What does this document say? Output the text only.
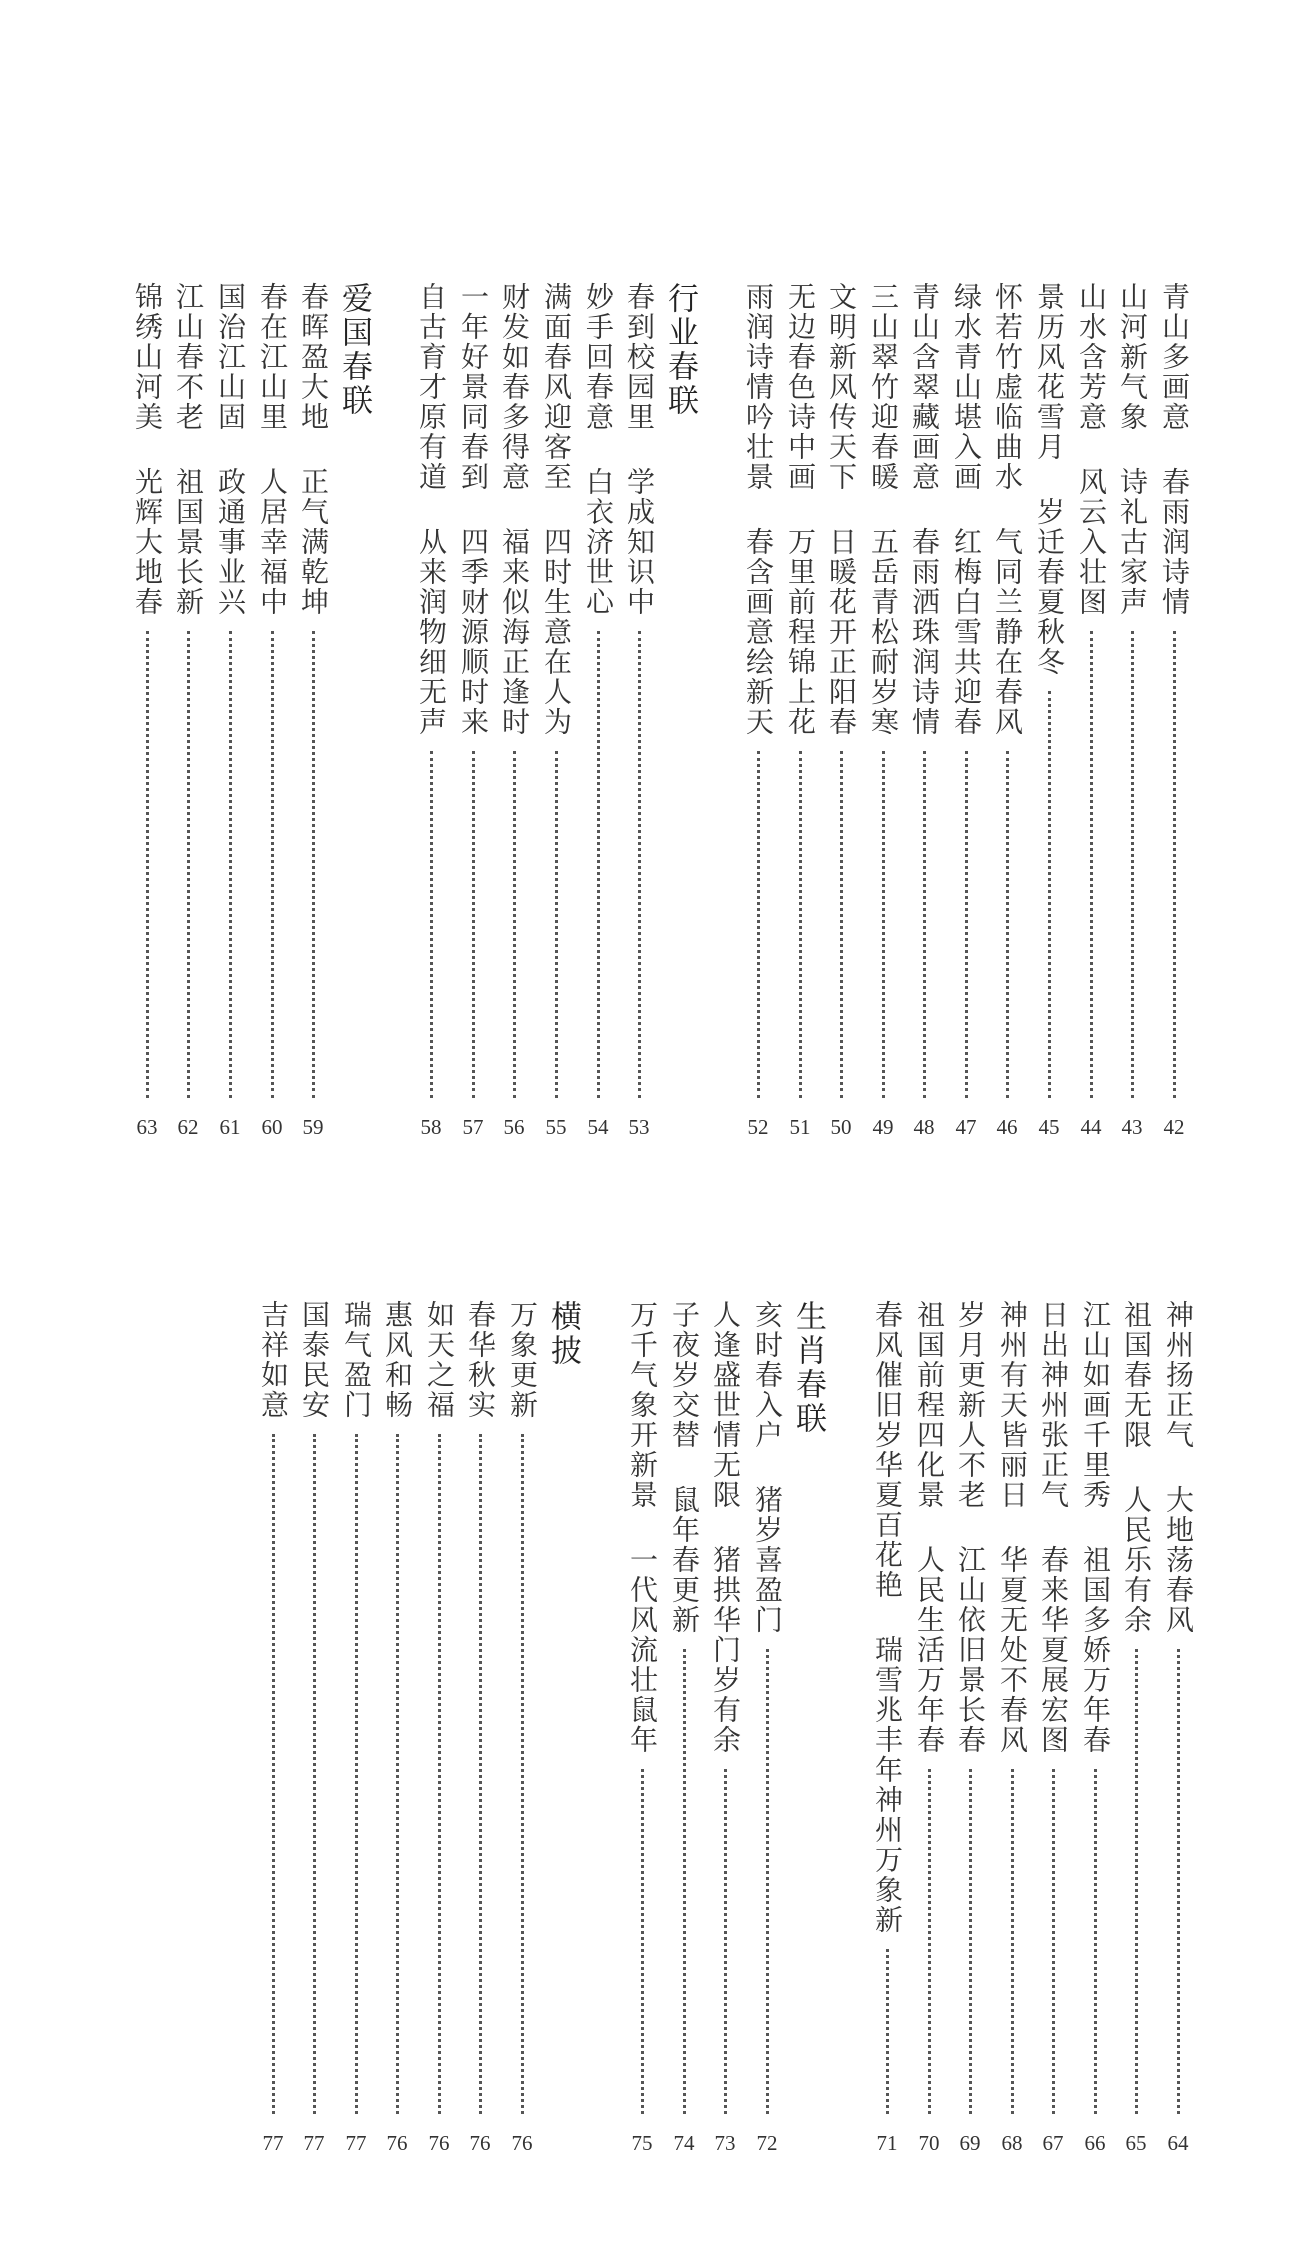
青山多画意 春雨润诗情
42
山河新气象 诗礼古家声
43
山水含芳意 风云入壮图
44
景历风花雪月 岁迁春夏秋冬
45
怀若竹虚临曲水 气同兰静在春风
46
绿水青山堪入画 红梅白雪共迎春
47
青山含翠藏画意 春雨洒珠润诗情
48
三山翠竹迎春暖 五岳青松耐岁寒
49
文明新风传天下 日暖花开正阳春
50
无边春色诗中画 万里前程锦上花
51
雨润诗情吟壮景 春含画意绘新天
52
行业春联
春到校园里 学成知识中
53
妙手回春意 白衣济世心
54
满面春风迎客至 四时生意在人为
55
财发如春多得意 福来似海正逢时
56
一年好景同春到 四季财源顺时来
57
自古育才原有道 从来润物细无声
58
爱国春联
春晖盈大地 正气满乾坤
59
春在江山里 人居幸福中
60
国治江山固 政通事业兴
61
江山春不老 祖国景长新
62
锦绣山河美 光辉大地春
63
神州扬正气 大地荡春风
64
祖国春无限 人民乐有余
65
江山如画千里秀 祖国多娇万年春
66
日出神州张正气 春来华夏展宏图
67
神州有天皆丽日 华夏无处不春风
68
岁月更新人不老 江山依旧景长春
69
祖国前程四化景 人民生活万年春
70
春风催旧岁华夏百花艳 瑞雪兆丰年神州万象新
71
生肖春联
亥时春入户 猪岁喜盈门
72
人逢盛世情无限 猪拱华门岁有余
73
子夜岁交替 鼠年春更新
74
万千气象开新景 一代风流壮鼠年
75
横披
万象更新
76
春华秋实
76
如天之福
76
惠风和畅
76
瑞气盈门
77
国泰民安
77
吉祥如意
77
